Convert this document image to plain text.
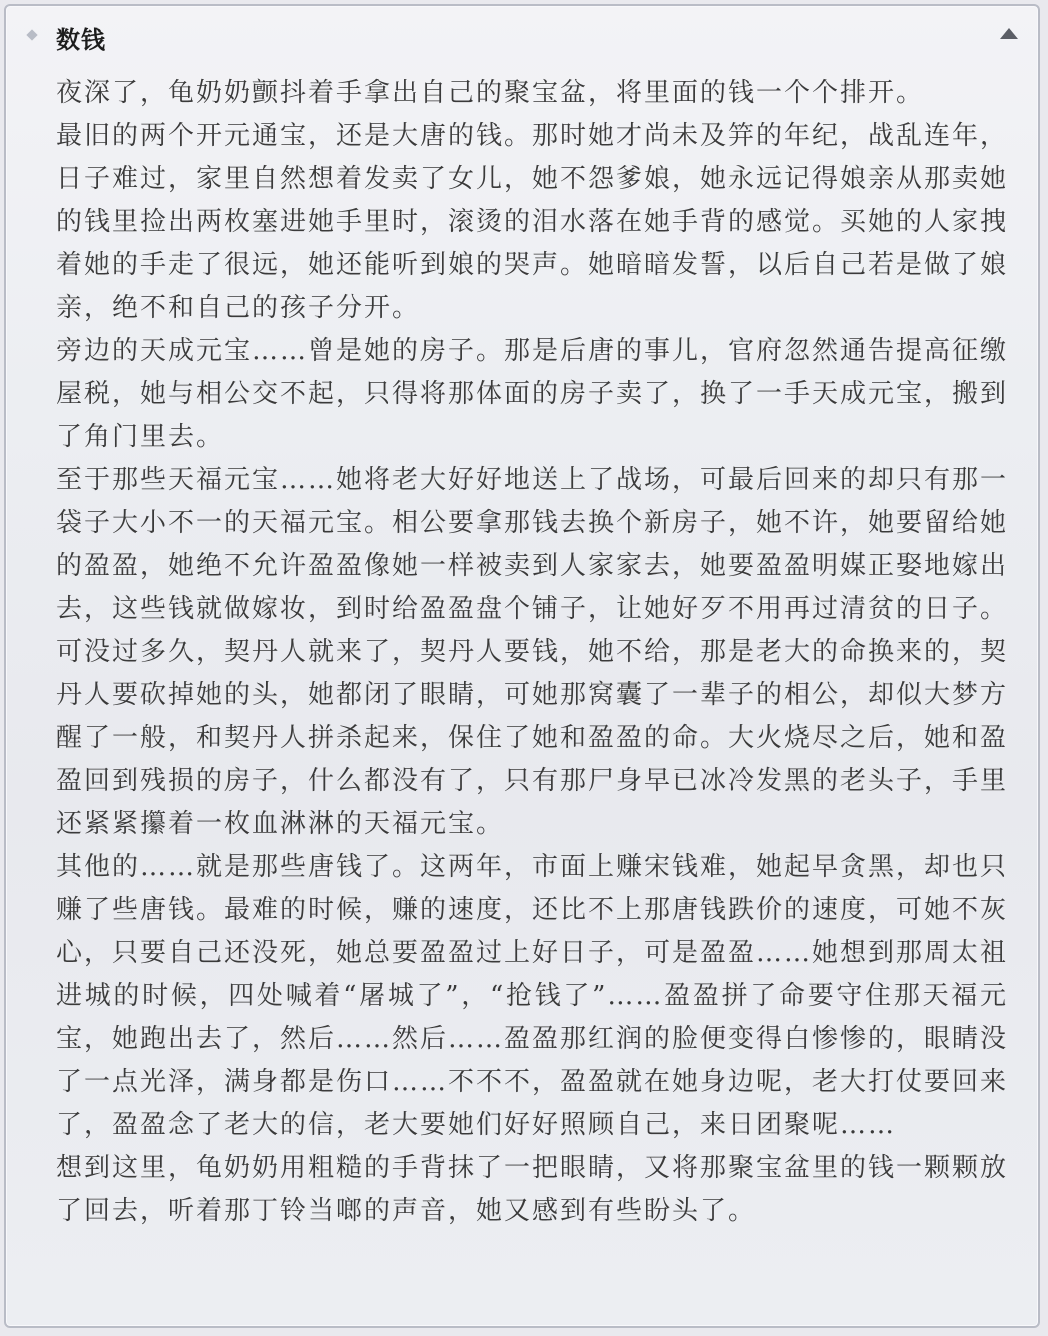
数钱

夜深了，龟奶奶颤抖着手拿出自己的聚宝盆，将里面的钱一个个排开。

最旧的两个开元通宝，还是大唐的钱。那时她才尚未及笄的年纪，战乱连年，日子难过，家里自然想着发卖了女儿，她不怨爹娘，她永远记得娘亲从那卖她的钱里捡出两枚塞进她手里时，滚烫的泪水落在她手背的感觉。买她的人家拽着她的手走了很远，她还能听到娘的哭声。她暗暗发誓，以后自己若是做了娘亲，绝不和自己的孩子分开。

旁边的天成元宝……曾是她的房子。那是后唐的事儿，官府忽然通告提高征缴屋税，她与相公交不起，只得将那体面的房子卖了，换了一手天成元宝，搬到了角门里去。

至于那些天福元宝……她将老大好好地送上了战场，可最后回来的却只有那一袋子大小不一的天福元宝。相公要拿那钱去换个新房子，她不许，她要留给她的盈盈，她绝不允许盈盈像她一样被卖到人家家去，她要盈盈明媒正娶地嫁出去，这些钱就做嫁妆，到时给盈盈盘个铺子，让她好歹不用再过清贫的日子。可没过多久，契丹人就来了，契丹人要钱，她不给，那是老大的命换来的，契丹人要砍掉她的头，她都闭了眼睛，可她那窝囊了一辈子的相公，却似大梦方醒了一般，和契丹人拼杀起来，保住了她和盈盈的命。大火烧尽之后，她和盈盈回到残损的房子，什么都没有了，只有那尸身早已冰冷发黑的老头子，手里还紧紧攥着一枚血淋淋的天福元宝。

其他的……就是那些唐钱了。这两年，市面上赚宋钱难，她起早贪黑，却也只赚了些唐钱。最难的时候，赚的速度，还比不上那唐钱跌价的速度，可她不灰心，只要自己还没死，她总要盈盈过上好日子，可是盈盈……她想到那周太祖进城的时候，四处喊着“屠城了”，“抢钱了”……盈盈拼了命要守住那天福元宝，她跑出去了，然后……然后……盈盈那红润的脸便变得白惨惨的，眼睛没了一点光泽，满身都是伤口……不不不，盈盈就在她身边呢，老大打仗要回来了，盈盈念了老大的信，老大要她们好好照顾自己，来日团聚呢……

想到这里，龟奶奶用粗糙的手背抹了一把眼睛，又将那聚宝盆里的钱一颗颗放了回去，听着那丁铃当啷的声音，她又感到有些盼头了。
